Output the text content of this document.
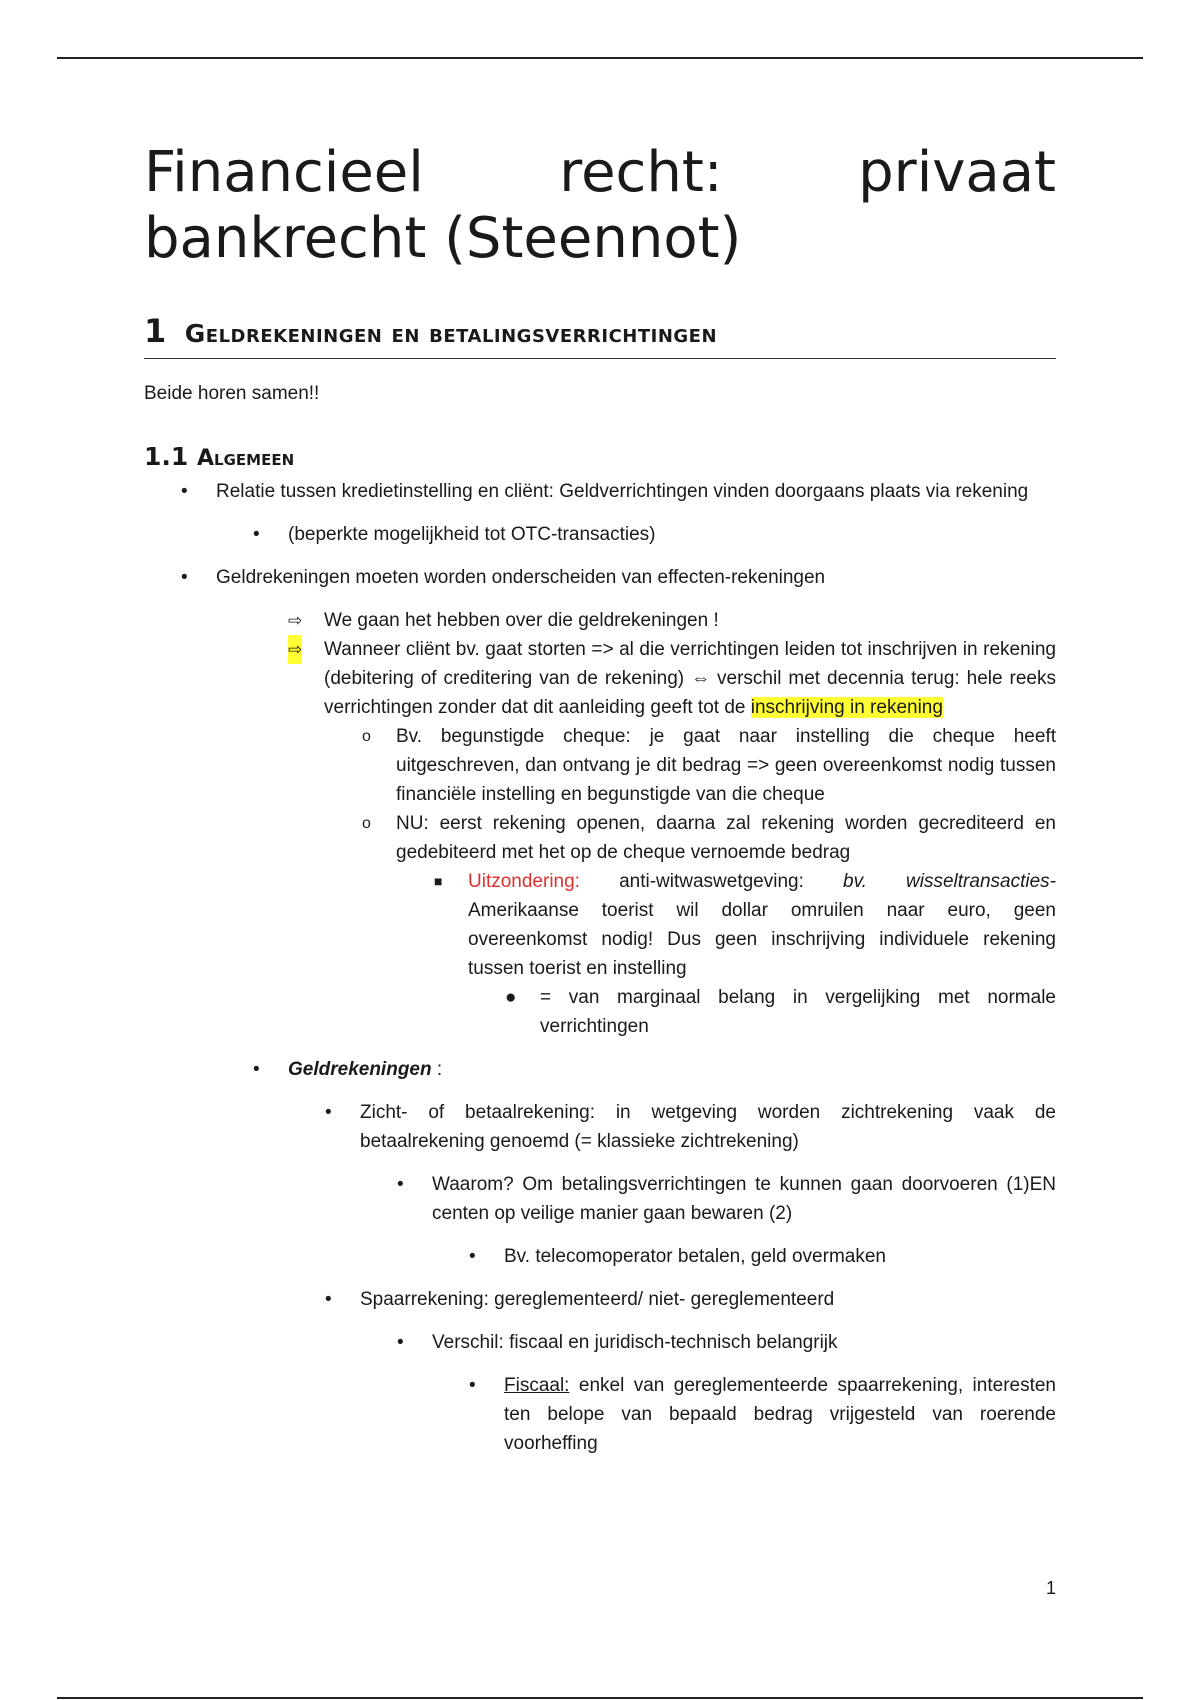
Financieel recht: privaat bankrecht (Steennot)
1 Geldrekeningen en betalingsverrichtingen

Beide horen samen!!

1.1 Algemeen
• Relatie tussen kredietinstelling en cliënt: Geldverrichtingen vinden doorgaans plaats via rekening
• (beperkte mogelijkheid tot OTC-transacties)
• Geldrekeningen moeten worden onderscheiden van effecten-rekeningen
⇨ We gaan het hebben over die geldrekeningen !
⇨ Wanneer cliënt bv. gaat storten => al die verrichtingen leiden tot inschrijven in rekening (debitering of creditering van de rekening) ⇔ verschil met decennia terug: hele reeks verrichtingen zonder dat dit aanleiding geeft tot de inschrijving in rekening
o Bv. begunstigde cheque: je gaat naar instelling die cheque heeft uitgeschreven, dan ontvang je dit bedrag => geen overeenkomst nodig tussen financiële instelling en begunstigde van die cheque
o NU: eerst rekening openen, daarna zal rekening worden gecrediteerd en gedebiteerd met het op de cheque vernoemde bedrag
■ Uitzondering: anti-witwaswetgeving: bv. wisseltransacties- Amerikaanse toerist wil dollar omruilen naar euro, geen overeenkomst nodig! Dus geen inschrijving individuele rekening tussen toerist en instelling
● = van marginaal belang in vergelijking met normale verrichtingen
• Geldrekeningen :
• Zicht- of betaalrekening: in wetgeving worden zichtrekening vaak de betaalrekening genoemd (= klassieke zichtrekening)
• Waarom? Om betalingsverrichtingen te kunnen gaan doorvoeren (1)EN centen op veilige manier gaan bewaren (2)
• Bv. telecomoperator betalen, geld overmaken
• Spaarrekening: gereglementeerd/ niet- gereglementeerd
• Verschil: fiscaal en juridisch-technisch belangrijk
• Fiscaal: enkel van gereglementeerde spaarrekening, interesten ten belope van bepaald bedrag vrijgesteld van roerende voorheffing
1
